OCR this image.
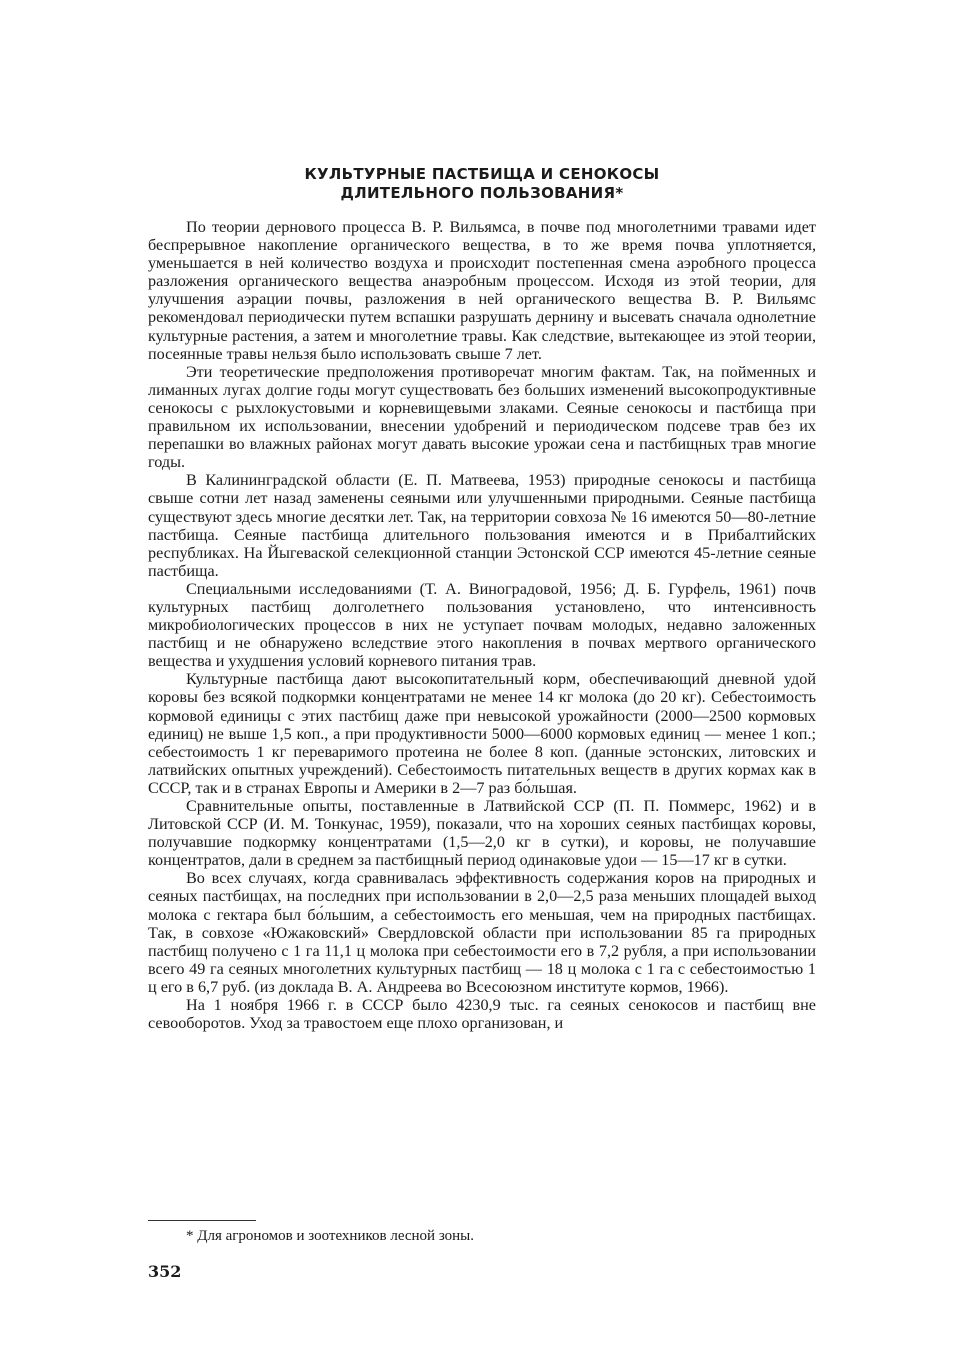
КУЛЬТУРНЫЕ ПАСТБИЩА И СЕНОКОСЫ
ДЛИТЕЛЬНОГО ПОЛЬЗОВАНИЯ*

По теории дернового процесса В. Р. Вильямса, в почве под многолетними травами идет беспрерывное накопление органического вещества, в то же время почва уплотняется, уменьшается в ней количество воздуха и происходит постепенная смена аэробного процесса разложения органического вещества анаэробным процессом. Исходя из этой теории, для улучшения аэрации почвы, разложения в ней органического вещества В. Р. Вильямс рекомендовал периодически путем вспашки разрушать дернину и высевать сначала однолетние культурные растения, а затем и многолетние травы. Как следствие, вытекающее из этой теории, посеянные травы нельзя было использовать свыше 7 лет.

Эти теоретические предположения противоречат многим фактам. Так, на пойменных и лиманных лугах долгие годы могут существовать без больших изменений высокопродуктивные сенокосы с рыхлокустовыми и корневищевыми злаками. Сеяные сенокосы и пастбища при правильном их использовании, внесении удобрений и периодическом подсеве трав без их перепашки во влажных районах могут давать высокие урожаи сена и пастбищных трав многие годы.

В Калининградской области (Е. П. Матвеева, 1953) природные сенокосы и пастбища свыше сотни лет назад заменены сеяными или улучшенными природными. Сеяные пастбища существуют здесь многие десятки лет. Так, на территории совхоза № 16 имеются 50—80-летние пастбища. Сеяные пастбища длительного пользования имеются и в Прибалтийских республиках. На Йыгеваской селекционной станции Эстонской ССР имеются 45-летние сеяные пастбища.

Специальными исследованиями (Т. А. Виноградовой, 1956; Д. Б. Гурфель, 1961) почв культурных пастбищ долголетнего пользования установлено, что интенсивность микробиологических процессов в них не уступает почвам молодых, недавно заложенных пастбищ и не обнаружено вследствие этого накопления в почвах мертвого органического вещества и ухудшения условий корневого питания трав.

Культурные пастбища дают высокопитательный корм, обеспечивающий дневной удой коровы без всякой подкормки концентратами не менее 14 кг молока (до 20 кг). Себестоимость кормовой единицы с этих пастбищ даже при невысокой урожайности (2000—2500 кормовых единиц) не выше 1,5 коп., а при продуктивности 5000—6000 кормовых единиц — менее 1 коп.; себестоимость 1 кг переваримого протеина не более 8 коп. (данные эстонских, литовских и латвийских опытных учреждений). Себестоимость питательных веществ в других кормах как в СССР, так и в странах Европы и Америки в 2—7 раз бо́льшая.

Сравнительные опыты, поставленные в Латвийской ССР (П. П. Поммерс, 1962) и в Литовской ССР (И. М. Тонкунас, 1959), показали, что на хороших сеяных пастбищах коровы, получавшие подкормку концентратами (1,5—2,0 кг в сутки), и коровы, не получавшие концентратов, дали в среднем за пастбищный период одинаковые удои — 15—17 кг в сутки.

Во всех случаях, когда сравнивалась эффективность содержания коров на природных и сеяных пастбищах, на последних при использовании в 2,0—2,5 раза меньших площадей выход молока с гектара был бо́льшим, а себестоимость его меньшая, чем на природных пастбищах. Так, в совхозе «Южаковский» Свердловской области при использовании 85 га природных пастбищ получено с 1 га 11,1 ц молока при себестоимости его в 7,2 рубля, а при использовании всего 49 га сеяных многолетних культурных пастбищ — 18 ц молока с 1 га с себестоимостью 1 ц его в 6,7 руб. (из доклада В. А. Андреева во Всесоюзном институте кормов, 1966).

На 1 ноября 1966 г. в СССР было 4230,9 тыс. га сеяных сенокосов и пастбищ вне севооборотов. Уход за травостоем еще плохо организован, и

* Для агрономов и зоотехников лесной зоны.
352
